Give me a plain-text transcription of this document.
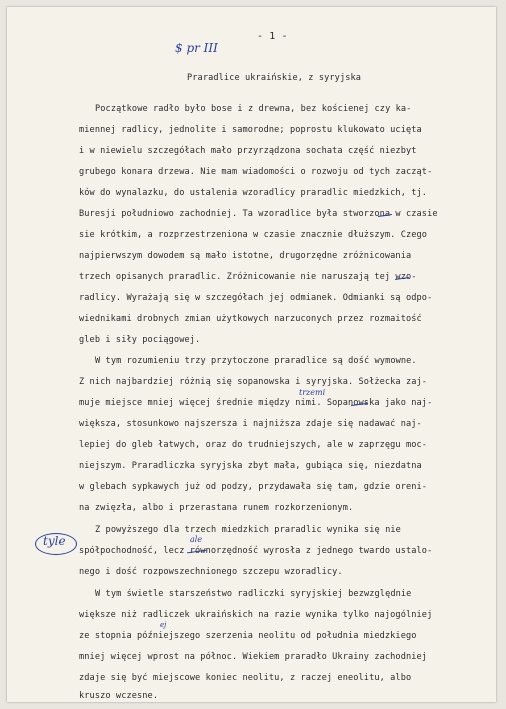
- 1 -
$ pr III
Praradlice ukraińskie, z syryjska
Początkowe radło było bose i z drewna, bez kościenej czy ka-
miennej radlicy, jednolite i samorodne; poprostu klukowato ucięta
i w niewielu szczegółach mało przyrządzona sochata część niezbyt
grubego konara drzewa. Nie mam wiadomości o rozwoju od tych zacząt-
ków do wynalazku, do ustalenia wzoradlicy praradlic miedzkich, tj.
Buresji południowo zachodniej. Ta wzoradlice była stworzona w czasie
sie krótkim, a rozprzestrzeniona w czasie znacznie dłuższym. Czego
najpierwszym dowodem są mało istotne, drugorzędne zróżnicowania
trzech opisanych praradlic. Zróżnicowanie nie naruszają tej wzo-
radlicy. Wyrażają się w szczegółach jej odmianek. Odmianki są odpo-
wiednikami drobnych zmian użytkowych narzuconych przez rozmaitość
gleb i siły pociągowej.
W tym rozumieniu trzy przytoczone praradlice są dość wymowne.
Z nich najbardziej różnią się sopanowska i syryjska. Sołżecka zaj-
muje miejsce mniej więcej średnie między nimi. Sopanowska jako naj-
większa, stosunkowo najszersza i najniższa zdaje się nadawać naj-
lepiej do gleb łatwych, oraz do trudniejszych, ale w zaprzęgu moc-
niejszym. Praradliczka syryjska zbyt mała, gubiąca się, niezdatna
w glebach sypkawych już od podzy, przydawała się tam, gdzie oreni-
na zwięzła, albo i przerastana runem rozkorzenionym.
Z powyższego dla trzech miedzkich praradlic wynika się nie
spółpochodność, lecz równorzędność wyrosła z jednego twardo ustalo-
nego i dość rozpowszechnionego szczepu wzoradlicy.
W tym świetle starszeństwo radliczki syryjskiej bezwzględnie
większe niż radliczek ukraińskich na razie wynika tylko najogólniej
ze stopnia późniejszego szerzenia neolitu od południa miedzkiego
mniej więcej wprost na północ. Wiekiem praradło Ukrainy zachodniej
zdaje się być miejscowe koniec neolitu, z raczej eneolitu, albo
kruszo wczesne.
tyle
trzemi
ale
ej
